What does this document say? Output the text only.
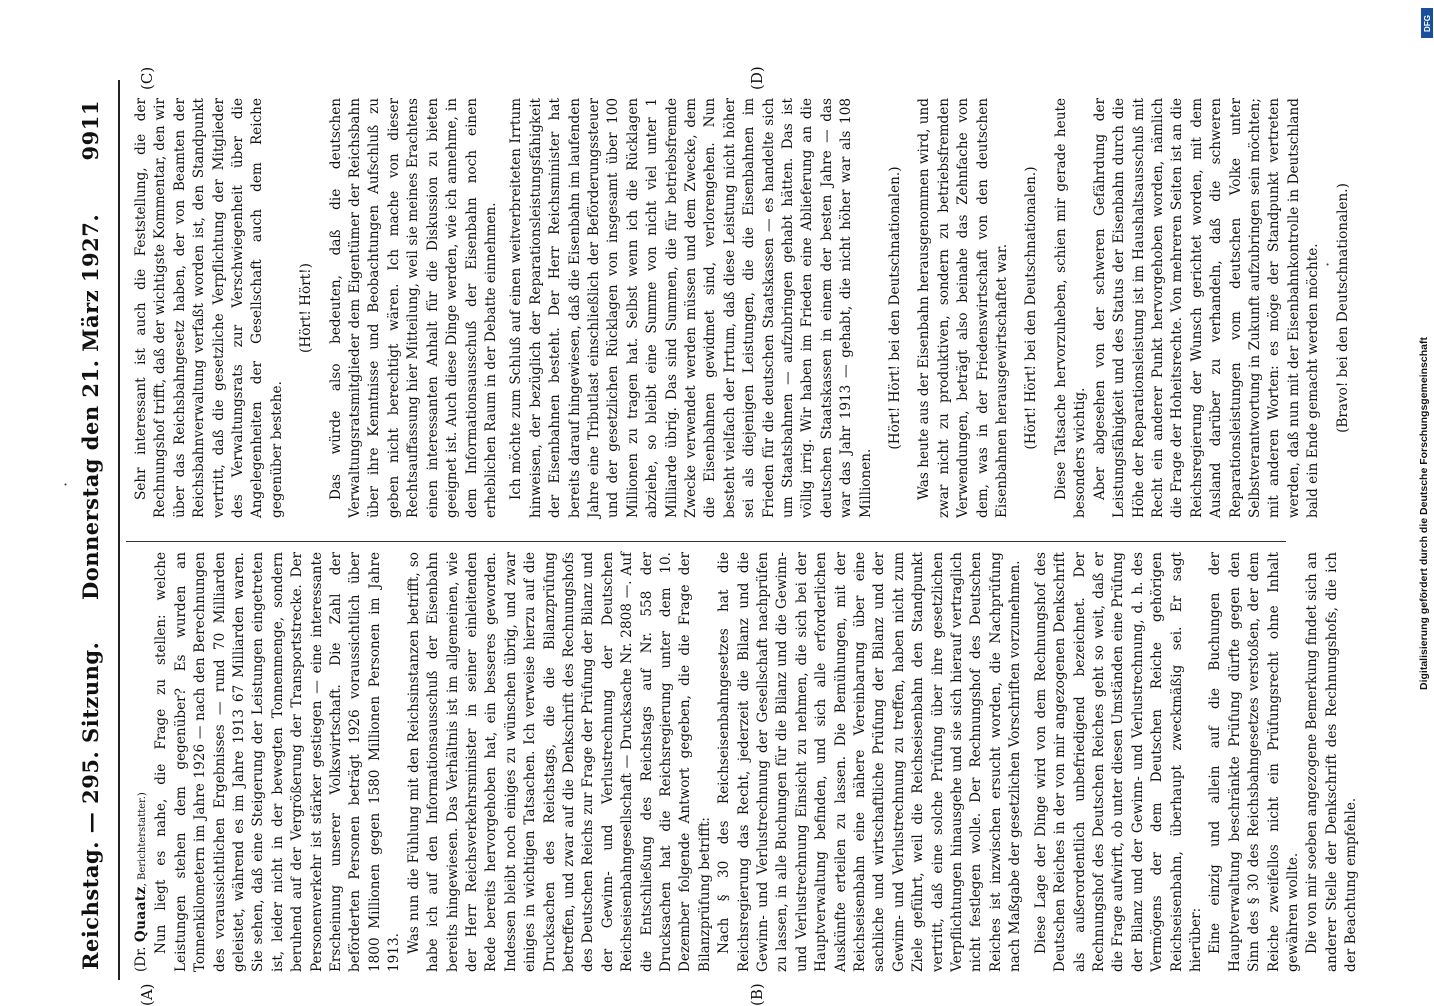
Reichstag. — 295. Sitzung.
Donnerstag den 21. März 1927.
9911
(A)	(B)
(C)	(D)

(Dr. Quaatz, Berichterstatter.) Nun liegt es nahe, die Frage zu stellen: welche Leistungen stehen dem gegenüber? Es wurden an Tonnenkilometern im Jahre 1926 — nach den Berechnungen des voraussichtlichen Ergebnisses — rund 70 Milliarden geleistet, während es im Jahre 1913 67 Milliarden waren. Sie sehen, daß eine Steigerung der Leistungen eingetreten ist, leider nicht in der bewegten Tonnenmenge, sondern beruhend auf der Vergrößerung der Transportstrecke. Der Personenverkehr ist stärker gestiegen — eine interessante Erscheinung unserer Volkswirtschaft. Die Zahl der beförderten Personen beträgt 1926 voraussichtlich über 1800 Millionen gegen 1580 Millionen Personen im Jahre 1913. Was nun die Fühlung mit den Reichsinstanzen betrifft, so habe ich auf den Informationsausschuß der Eisenbahn bereits hingewiesen. Das Verhältnis ist im allgemeinen, wie der Herr Reichsverkehrsminister in seiner einleitenden Rede bereits hervorgehoben hat, ein besseres geworden. Indessen bleibt noch einiges zu wünschen übrig, und zwar einiges in wichtigen Tatsachen. Ich verweise hierzu auf die Drucksachen des Reichstags, die die Bilanzprüfung betreffen, und zwar auf die Denkschrift des Rechnungshofs des Deutschen Reichs zur Frage der Prüfung der Bilanz und der Gewinn- und Verlustrechnung der Deutschen Reichseisenbahngesellschaft — Drucksache Nr. 2808 —. Auf die Entschließung des Reichstags auf Nr. 558 der Drucksachen hat die Reichsregierung unter dem 10. Dezember folgende Antwort gegeben, die die Frage der Bilanzprüfung betrifft: Nach § 30 des Reichseisenbahngesetzes hat die Reichsregierung das Recht, jederzeit die Bilanz und die Gewinn- und Verlustrechnung der Gesellschaft nachprüfen zu lassen, in alle Buchungen für die Bilanz und die Gewinn- und Verlustrechnung Einsicht zu nehmen, die sich bei der Hauptverwaltung befinden, und sich alle erforderlichen Auskünfte erteilen zu lassen. Die Bemühungen, mit der Reichseisenbahn eine nähere Vereinbarung über eine sachliche und wirtschaftliche Prüfung der Bilanz und der Gewinn- und Verlustrechnung zu treffen, haben nicht zum Ziele geführt, weil die Reichseisenbahn den Standpunkt vertritt, daß eine solche Prüfung über ihre gesetzlichen Verpflichtungen hinausgehe und sie sich hierauf vertraglich nicht festlegen wolle. Der Rechnungshof des Deutschen Reiches ist inzwischen ersucht worden, die Nachprüfung nach Maßgabe der gesetzlichen Vorschriften vorzunehmen. Diese Lage der Dinge wird von dem Rechnungshof des Deutschen Reiches in der von mir angezogenen Denkschrift als außerordentlich unbefriedigend bezeichnet. Der Rechnungshof des Deutschen Reiches geht so weit, daß er die Frage aufwirft, ob unter diesen Umständen eine Prüfung der Bilanz und der Gewinn- und Verlustrechnung, d. h. des Vermögens der dem Deutschen Reiche gehörigen Reichseisenbahn, überhaupt zweckmäßig sei. Er sagt hierüber: Eine einzig und allein auf die Buchungen der Hauptverwaltung beschränkte Prüfung dürfte gegen den Sinn des § 30 des Reichsbahngesetzes verstoßen, der dem Reiche zweifellos nicht ein Prüfungsrecht ohne Inhalt gewähren wollte. Die von mir soeben angezogene Bemerkung findet sich an anderer Stelle der Denkschrift des Rechnungshofs, die ich der Beachtung empfehle.

Sehr interessant ist auch die Feststellung, die der Rechnungshof trifft, daß der wichtigste Kommentar, den wir über das Reichsbahngesetz haben, der von Beamten der Reichsbahnverwaltung verfaßt worden ist, den Standpunkt vertritt, daß die gesetzliche Verpflichtung der Mitglieder des Verwaltungsrats zur Verschwiegenheit über die Angelegenheiten der Gesellschaft auch dem Reiche gegenüber bestehe.

(Hört! Hört!) Das würde also bedeuten, daß die deutschen Verwaltungsratsmitglieder dem Eigentümer der Reichsbahn über ihre Kenntnisse und Beobachtungen Aufschluß zu geben nicht berechtigt wären. Ich mache von dieser Rechtsauffassung hier Mitteilung, weil sie meines Erachtens einen interessanten Anhalt für die Diskussion zu bieten geeignet ist. Auch diese Dinge werden, wie ich annehme, in dem Informationsausschuß der Eisenbahn noch einen erheblichen Raum in der Debatte einnehmen. Ich möchte zum Schluß auf einen weitverbreiteten Irrtum hinweisen, der bezüglich der Reparationsleistungsfähigkeit der Eisenbahnen besteht. Der Herr Reichsminister hat bereits darauf hingewiesen, daß die Eisenbahn im laufenden Jahre eine Tributlast einschließlich der Beförderungssteuer und der gesetzlichen Rücklagen von insgesamt über 100 Millionen zu tragen hat. Selbst wenn ich die Rücklagen abziehe, so bleibt eine Summe von nicht viel unter 1 Milliarde übrig. Das sind Summen, die für betriebsfremde Zwecke verwendet werden müssen und dem Zwecke, dem die Eisenbahnen gewidmet sind, verlorengehen. Nun besteht vielfach der Irrtum, daß diese Leistung nicht höher sei als diejenigen Leistungen, die die Eisenbahnen im Frieden für die deutschen Staatskassen — es handelte sich um Staatsbahnen — aufzubringen gehabt hätten. Das ist völlig irrig. Wir haben im Frieden eine Ablieferung an die deutschen Staatskassen in einem der besten Jahre — das war das Jahr 1913 — gehabt, die nicht höher war als 108 Millionen.

(Hört! Hört! bei den Deutschnationalen.) Was heute aus der Eisenbahn herausgenommen wird, und zwar nicht zu produktiven, sondern zu betriebsfremden Verwendungen, beträgt also beinahe das Zehnfache von dem, was in der Friedenswirtschaft von den deutschen Eisenbahnen herausgewirtschaftet war. (Hört! Hört! bei den Deutschnationalen.) Diese Tatsache hervorzuheben, schien mir gerade heute besonders wichtig. Aber abgesehen von der schweren Gefährdung der Leistungsfähigkeit und des Status der Eisenbahn durch die Höhe der Reparationsleistung ist im Haushaltsausschuß mit Recht ein anderer Punkt hervorgehoben worden, nämlich die Frage der Hoheitsrechte. Von mehreren Seiten ist an die Reichsregierung der Wunsch gerichtet worden, mit dem Ausland darüber zu verhandeln, daß die schweren Reparationsleistungen vom deutschen Volke unter Selbstverantwortung in Zukunft aufzubringen sein möchten; mit anderen Worten: es möge der Standpunkt vertreten werden, daß nun mit der Eisenbahnkontrolle in Deutschland bald ein Ende gemacht werden möchte. (Bravo! bei den Deutschnationalen.)

·
·
DFG
Digitalisierung gefördert durch die Deutsche Forschungsgemeinschaft
